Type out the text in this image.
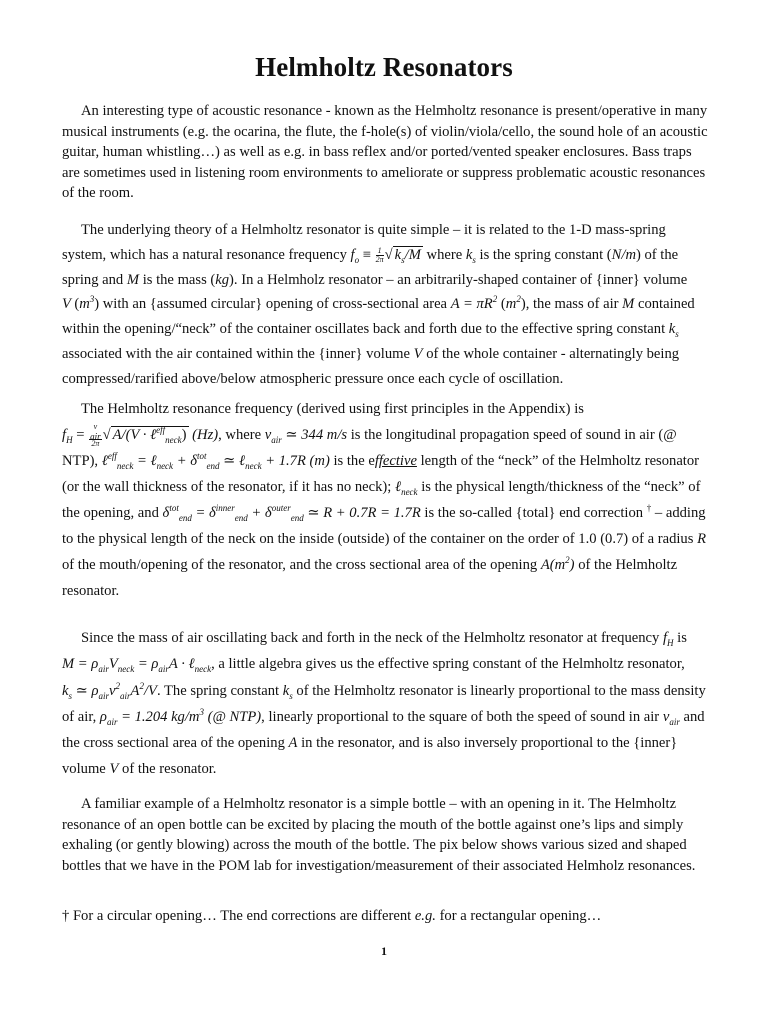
Helmholtz Resonators

An interesting type of acoustic resonance - known as the Helmholtz resonance is present/operative in many musical instruments (e.g. the ocarina, the flute, the f-hole(s) of violin/viola/cello, the sound hole of an acoustic guitar, human whistling…) as well as e.g. in bass reflex and/or ported/vented speaker enclosures. Bass traps are sometimes used in listening room environments to ameliorate or suppress problematic acoustic resonances of the room.

The underlying theory of a Helmholtz resonator is quite simple – it is related to the 1-D mass-spring system, which has a natural resonance frequency $f_o \equiv \frac{1}{2\pi}$ √ $k_s/M$ where $k_s$ is the spring constant (N/m) of the spring and M is the mass (kg). In a Helmholz resonator – an arbitrarily-shaped container of {inner} volume V $(m^3)$ with an {assumed circular} opening of cross-sectional area $A = \pi R^2$ $(m^2)$, the mass of air M contained within the opening/“neck” of the container oscillates back and forth due to the effective spring constant $k_s$ associated with the air contained within the {inner} volume V of the whole container - alternatingly being compressed/rarified above/below atmospheric pressure once each cycle of oscillation.

The Helmholtz resonance frequency (derived using first principles in the Appendix) is
$f_H = v$
$_{air}$
2π √ A/(V · ℓ$^{eff}_{neck}$) (Hz), where $v_{air}$ ≃ 344 m/s is the longitudinal propagation speed of sound in air (@ NTP), ℓ$^{eff}_{neck}$ = ℓ$_{neck}$ + $\delta^{tot}_{end}$ ≃ ℓ$_{neck}$ + 1.7R (m) is the effective length of the “neck” of the Helmholtz resonator (or the wall thickness of the resonator, if it has no neck); ℓ$_{neck}$ is the physical length/thickness of the “neck” of the opening, and $\delta^{tot}_{end} = \delta^{inner}_{end} + \delta^{outer}_{end}$ ≃ R + 0.7R = 1.7R is the so-called {total} end correction † – adding to the physical length of the neck on the inside (outside) of the container on the order of 1.0 (0.7) of a radius R of the mouth/opening of the resonator, and the cross sectional area of the opening $A(m^2)$ of the Helmholtz resonator.

Since the mass of air oscillating back and forth in the neck of the Helmholtz resonator at frequency $f_H$ is $M = \rho_{air}V_{neck} = \rho_{air}A$ · ℓ$_{neck}$, a little algebra gives us the effective spring constant of the Helmholtz resonator, $k_s$ ≃ $\rho_{air}v^2_{air}A^2/V$. The spring constant $k_s$ of the Helmholtz resonator is linearly proportional to the mass density of air, $\rho_{air} = 1.204$ $kg/m^3$ (@ NTP), linearly proportional to the square of both the speed of sound in air $v_{air}$ and the cross sectional area of the opening A in the resonator, and is also inversely proportional to the {inner} volume V of the resonator.

A familiar example of a Helmholtz resonator is a simple bottle – with an opening in it. The Helmholtz resonance of an open bottle can be excited by placing the mouth of the bottle against one’s lips and simply exhaling (or gently blowing) across the mouth of the bottle. The pix below shows various sized and shaped bottles that we have in the POM lab for investigation/measurement of their associated Helmholz resonances.

† For a circular opening… The end corrections are different e.g. for a rectangular opening…

1
